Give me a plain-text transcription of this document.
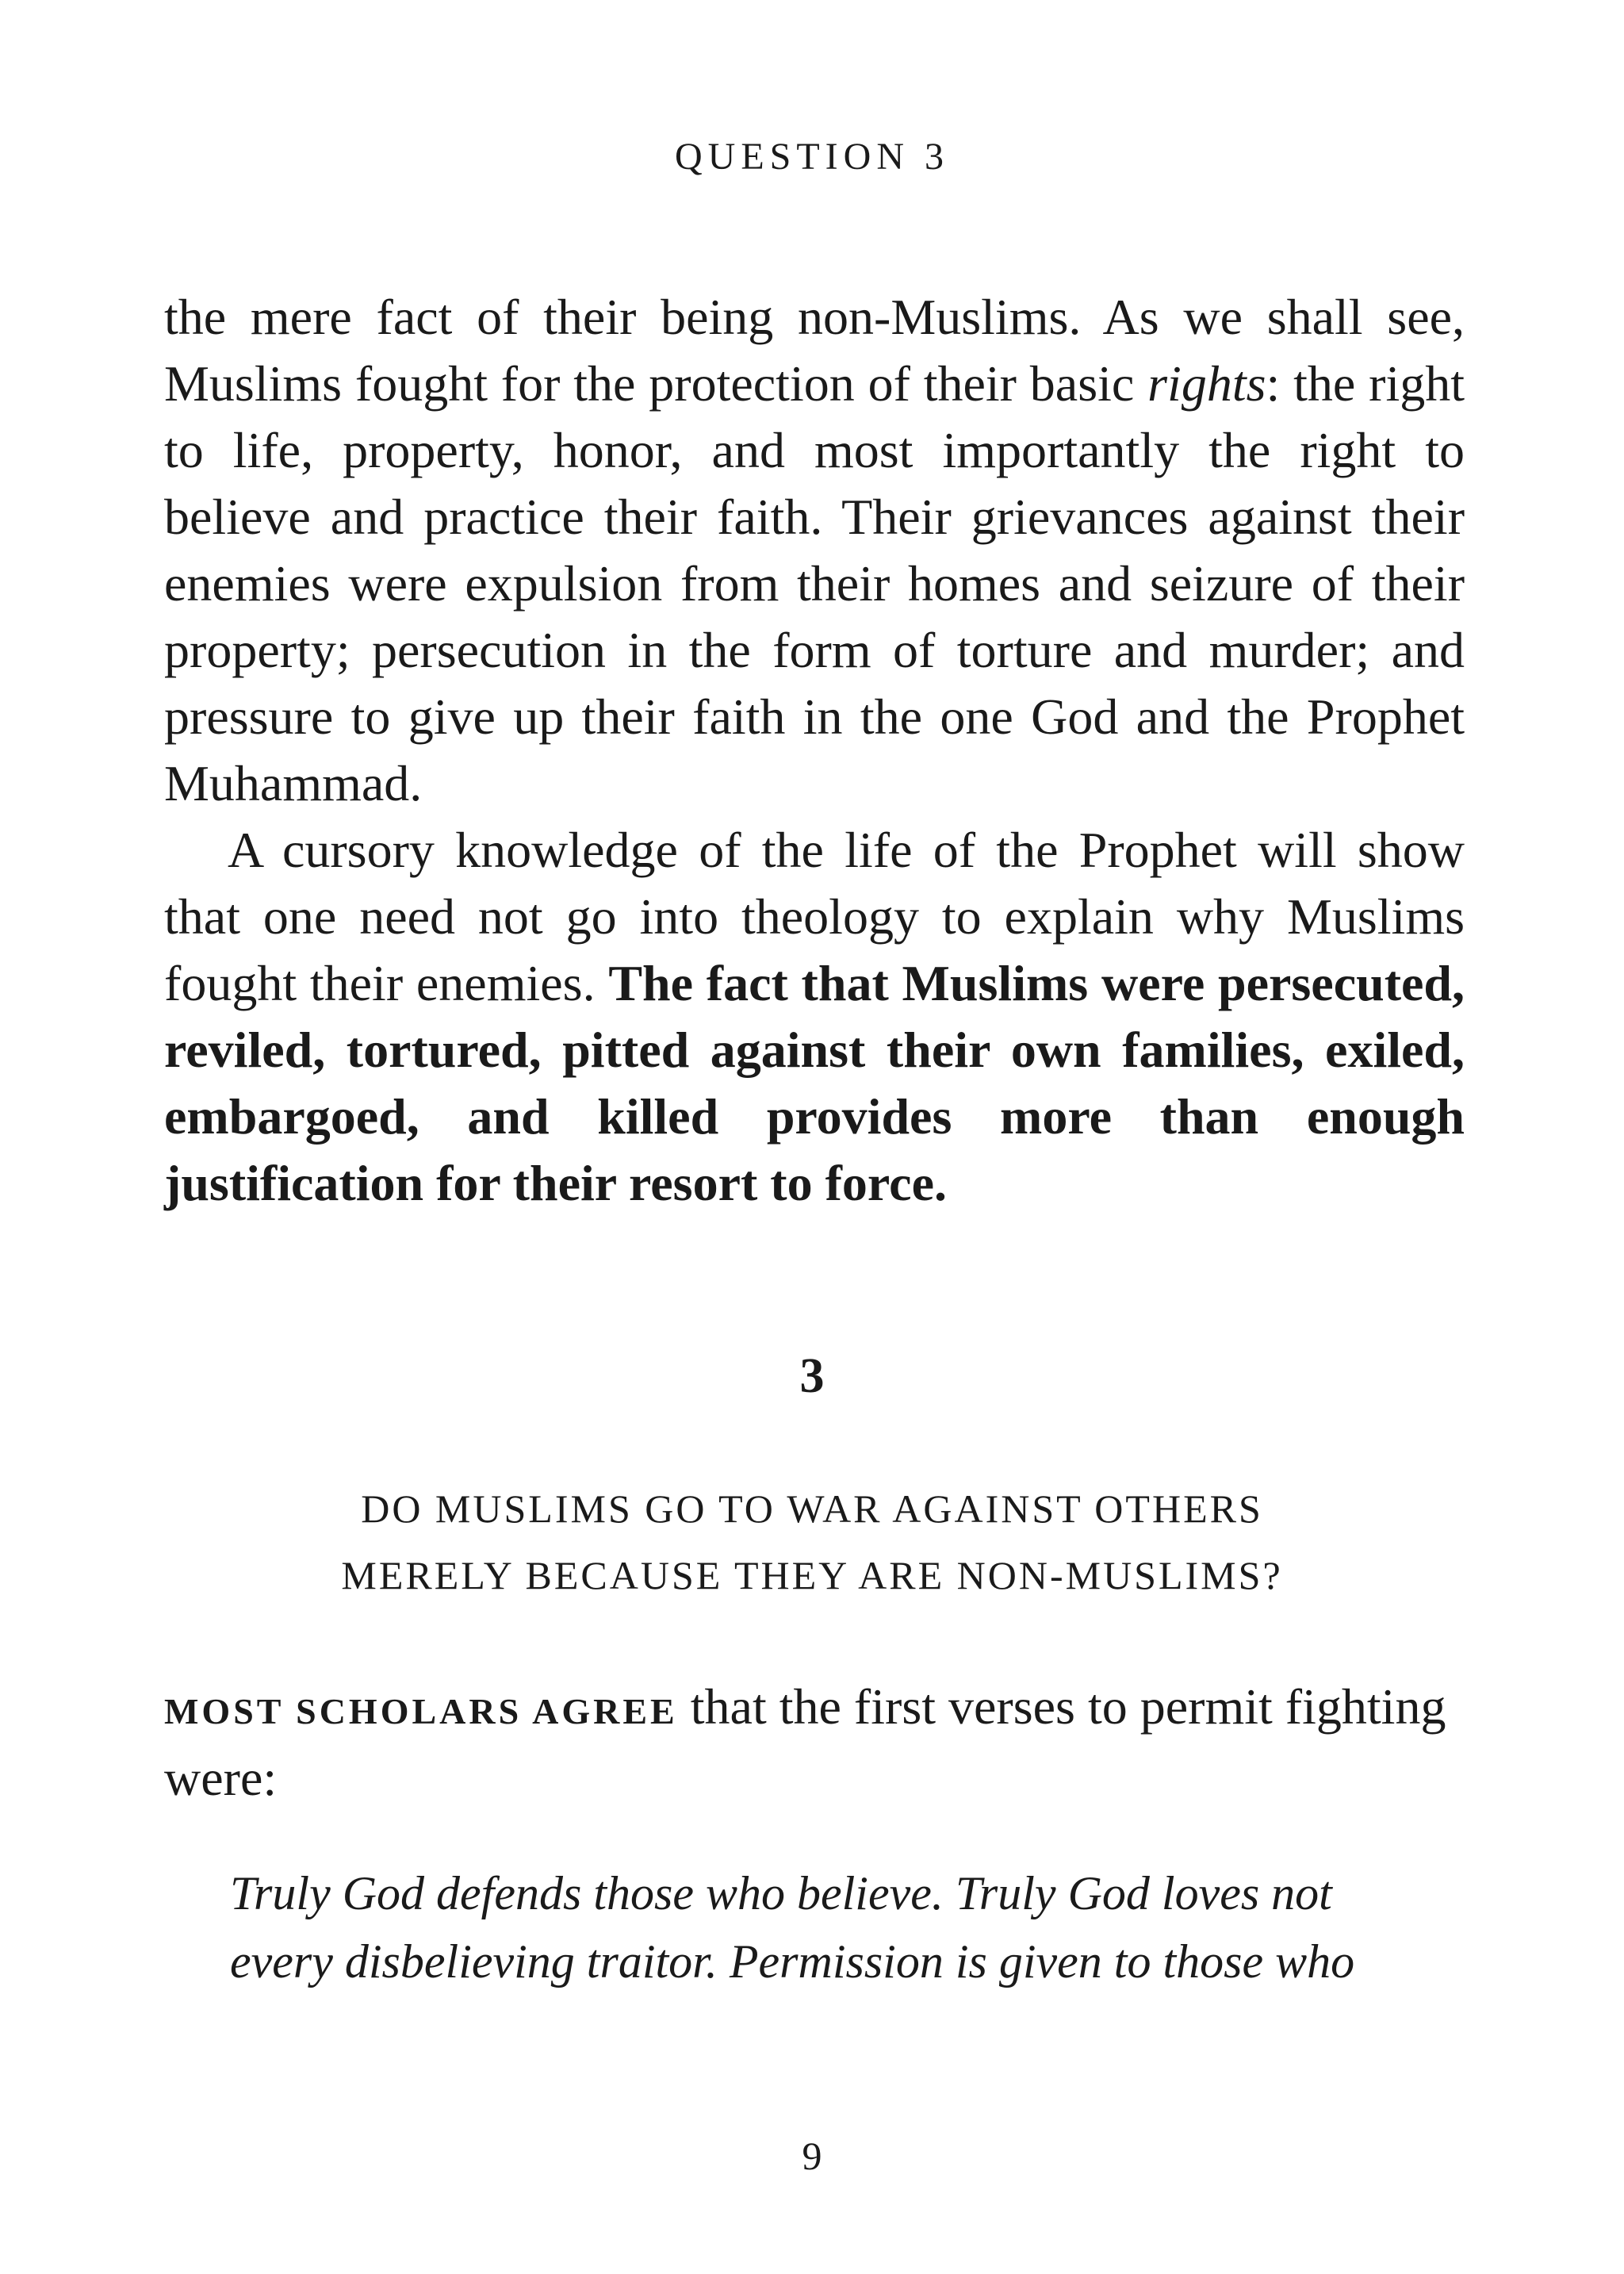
QUESTION 3

the mere fact of their being non-Muslims. As we shall see, Muslims fought for the protection of their basic rights: the right to life, property, honor, and most importantly the right to believe and practice their faith. Their grievances against their enemies were expulsion from their homes and seizure of their property; persecution in the form of torture and murder; and pressure to give up their faith in the one God and the Prophet Muhammad.

A cursory knowledge of the life of the Prophet will show that one need not go into theology to explain why Muslims fought their enemies. The fact that Muslims were persecuted, reviled, tortured, pitted against their own families, exiled, embargoed, and killed provides more than enough justification for their resort to force.

3
DO MUSLIMS GO TO WAR AGAINST OTHERS
MERELY BECAUSE THEY ARE NON-MUSLIMS?

MOST SCHOLARS AGREE that the first verses to permit fighting were:

Truly God defends those who believe. Truly God loves not
every disbelieving traitor. Permission is given to those who
9
